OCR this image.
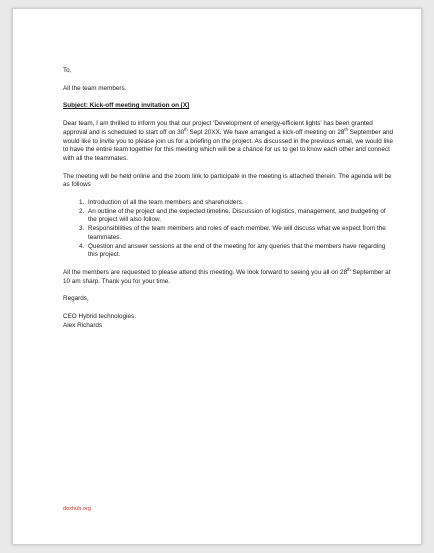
To,

All the team members.

Subject: Kick-off meeting invitation on [X]

Dear team, I am thrilled to inform you that our project 'Development of energy-efficient lights' has been granted approval and is scheduled to start off on 30th Sept 20XX. We have arranged a kick-off meeting on 28th September and would like to invite you to please join us for a briefing on the project. As discussed in the previous email, we would like to have the entire team together for this meeting which will be a chance for us to get to know each other and connect with all the teammates.

The meeting will be held online and the zoom link to participate in the meeting is attached therein. The agenda will be as follows

1. Introduction of all the team members and shareholders.
2. An outline of the project and the expected timeline. Discussion of logistics, management, and budgeting of the project will also follow.
3. Responsibilities of the team members and roles of each member. We will discuss what we expect from the teammates.
4. Question and answer sessions at the end of the meeting for any queries that the members have regarding this project.

All the members are requested to please attend this meeting. We look forward to seeing you all on 28th September at 10 am sharp. Thank you for your time.

Regards,

CEO Hybrid technologies.

Alex Richards

doxhub.org
